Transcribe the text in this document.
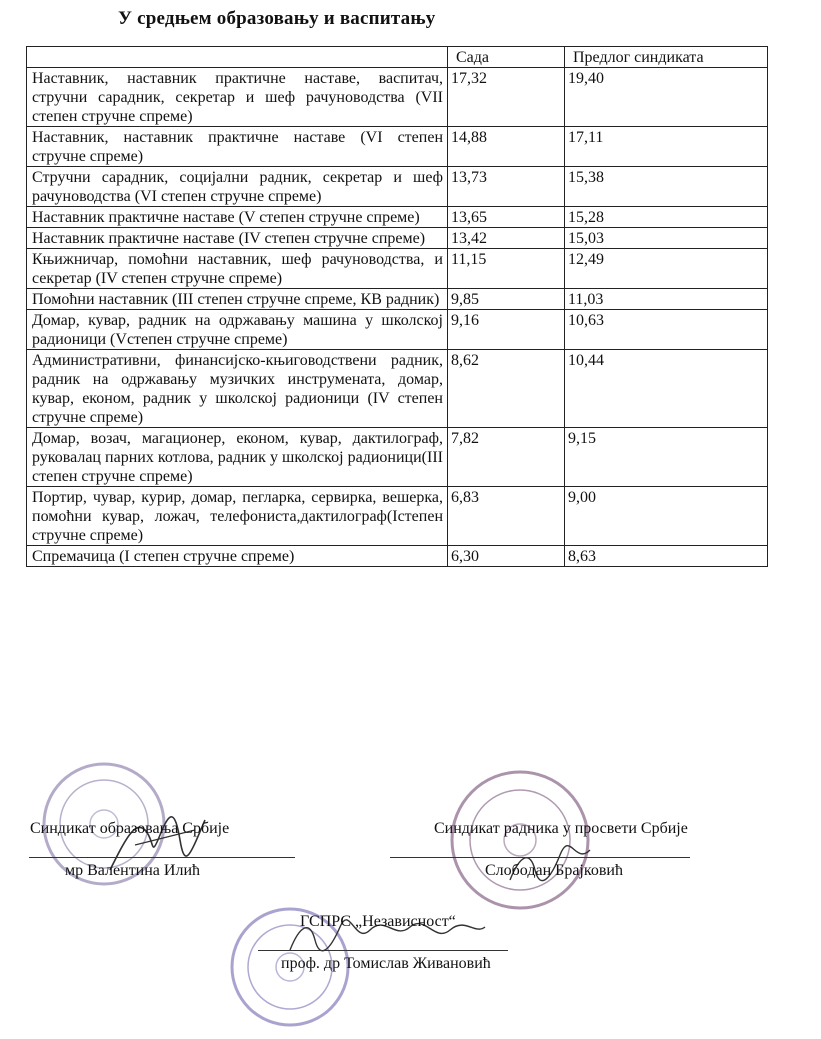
У средњем образовању и васпитању
	Сада	Предлог синдиката
Наставник, наставник практичне наставе, васпитач, стручни сарадник, секретар и шеф рачуноводства (VII степен стручне спреме)	17,32	19,40
Наставник, наставник практичне наставе (VI степен стручне спреме)	14,88	17,11
Стручни сарадник, социјални радник, секретар и шеф рачуноводства (VI степен стручне спреме)	13,73	15,38
Наставник практичне наставе (V степен стручне спреме)	13,65	15,28
Наставник практичне наставе (IV степен стручне спреме)	13,42	15,03
Књижничар, помоћни наставник, шеф рачуноводства, и секретар (IV степен стручне спреме)	11,15	12,49
Помоћни наставник (III степен стручне спреме, КВ радник)	9,85	11,03
Домар, кувар, радник на одржавању машина у школској радионици (Vстепен стручне спреме)	9,16	10,63
Административни, финансијско-књиговодствени радник, радник на одржавању музичких инструмената, домар, кувар, економ, радник у школској радионици (IV степен стручне спреме)	8,62	10,44
Домар, возач, магационер, економ, кувар, дактилограф, руковалац парних котлова, радник у школској радионици(III степен стручне спреме)	7,82	9,15
Портир, чувар, курир, домар, пегларка, сервирка, вешерка, помоћни кувар, ложач, телефониста,дактилограф(Iстепен стручне спреме)	6,83	9,00
Спремачица (I степен стручне спреме)	6,30	8,63
Синдикат образовања Србије
мр Валентина Илић
Синдикат радника у просвети Србије
Слободан Брајковић
ГСПРС „Независност“
проф. др Томислав Живановић
